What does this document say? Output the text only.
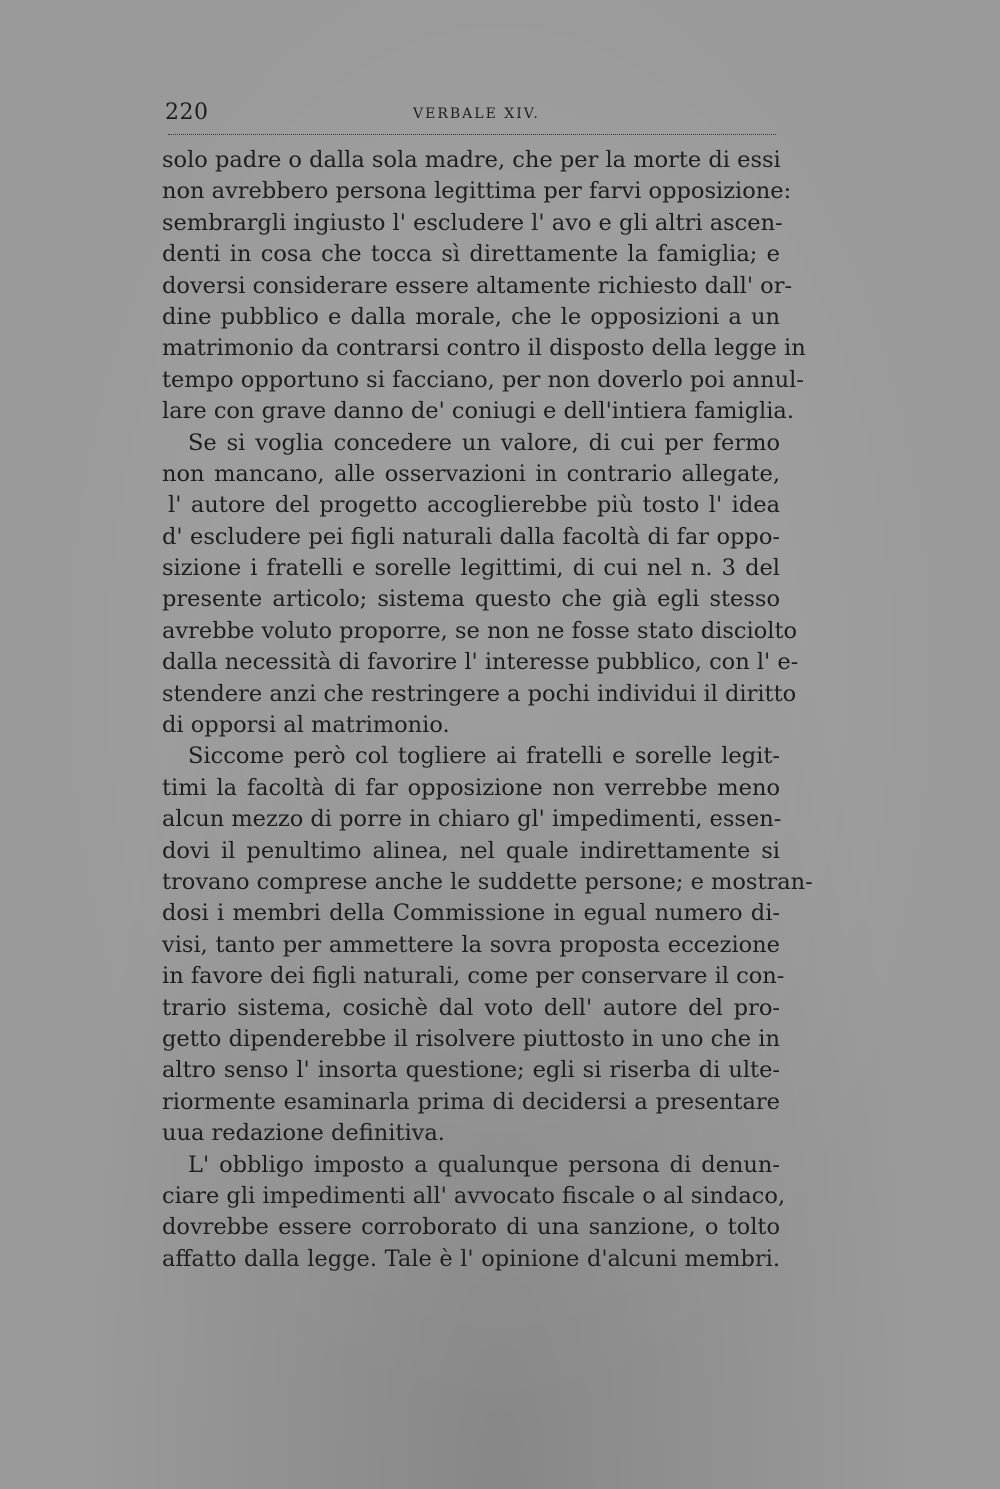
220	VERBALE XIV.
solo padre o dalla sola madre, che per la morte di essi
non avrebbero persona legittima per farvi opposizione:
sembrargli ingiusto l' escludere l' avo e gli altri ascen-
denti in cosa che tocca sì direttamente la famiglia; e
doversi considerare essere altamente richiesto dall' or-
dine pubblico e dalla morale, che le opposizioni a un
matrimonio da contrarsi contro il disposto della legge in
tempo opportuno si facciano, per non doverlo poi annul-
lare con grave danno de' coniugi e dell'intiera famiglia.
Se si voglia concedere un valore, di cui per fermo
non mancano, alle osservazioni in contrario allegate,
l' autore del progetto accoglierebbe più tosto l' idea
d' escludere pei figli naturali dalla facoltà di far oppo-
sizione i fratelli e sorelle legittimi, di cui nel n. 3 del
presente articolo; sistema questo che già egli stesso
avrebbe voluto proporre, se non ne fosse stato disciolto
dalla necessità di favorire l' interesse pubblico, con l' e-
stendere anzi che restringere a pochi individui il diritto
di opporsi al matrimonio.
Siccome però col togliere ai fratelli e sorelle legit-
timi la facoltà di far opposizione non verrebbe meno
alcun mezzo di porre in chiaro gl' impedimenti, essen-
dovi il penultimo alinea, nel quale indirettamente si
trovano comprese anche le suddette persone; e mostran-
dosi i membri della Commissione in egual numero di-
visi, tanto per ammettere la sovra proposta eccezione
in favore dei figli naturali, come per conservare il con-
trario sistema, cosichè dal voto dell' autore del pro-
getto dipenderebbe il risolvere piuttosto in uno che in
altro senso l' insorta questione; egli si riserba di ulte-
riormente esaminarla prima di decidersi a presentare
uua redazione definitiva.
L' obbligo imposto a qualunque persona di denun-
ciare gli impedimenti all' avvocato fiscale o al sindaco,
dovrebbe essere corroborato di una sanzione, o tolto
affatto dalla legge. Tale è l' opinione d'alcuni membri.
